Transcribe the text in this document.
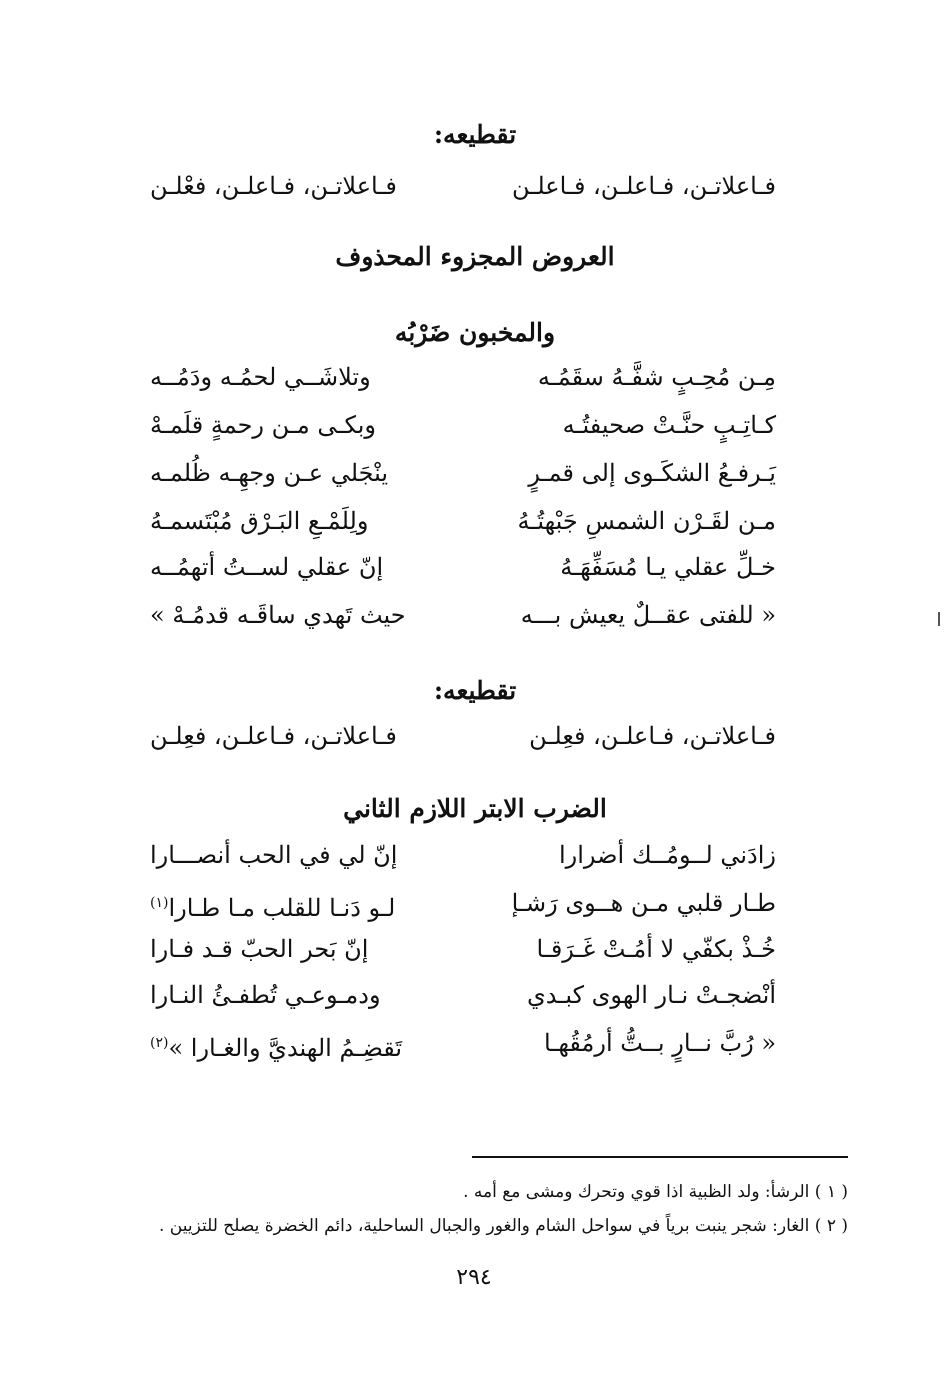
تقطيعه:
فـاعلاتـن، فـاعلـن، فـاعلـن
فـاعلاتـن، فـاعلـن، فعْلـن
العروض المجزوء المحذوف
والمخبون ضَرْبُه
مِـن مُحِـبٍ شفَّـهُ سقَمُـه
وتلاشَــي لحمُـه ودَمُــه
كـاتِـبٍ حنَّـتْ صحيفتُـه
وبكـى مـن رحمةٍ قلَمـهْ
يَـرفـعُ الشكَـوى إلى قمـرٍ
ينْجَلي عـن وجهِـه ظُلمـه
مـن لقَـرْن الشمسِ جَبْهتُـهُ
ولِلَمْـعِ البَـرْق مُبْتَسمـهُ
خـلِّ عقلي يـا مُسَفِّهَـهُ
إنّ عقلي لســتُ أتهمُــه
« للفتى عقــلٌ يعيش بـــه
حيث تَهدي ساقَـه قدمُـهْ »
تقطيعه:
فـاعلاتـن، فـاعلـن، فعِلـن
فـاعلاتـن، فـاعلـن، فعِلـن
الضرب الابتر اللازم الثاني
زادَني لــومُــك أضرارا
إنّ لي في الحب أنصـــارا
طـار قلبي مـن هــوى رَشـإ
لـو دَنـا للقلب مـا طـارا$^{(١)}$
خُـذْ بكفّي لا أمُـتْ غَـرَقـا
إنّ بَحر الحبّ قـد فـارا
أنْضجـتْ نـار الهوى كبـدي
ودمـوعـي تُطفـئُ النـارا
« رُبَّ نــارٍ بــتُّ أرمُقُهـا
تَقضِـمُ الهنديَّ والغـارا »$^{(٢)}$
( ١ ) الرشأ: ولد الظبية اذا قوي وتحرك ومشى مع أمه .
( ٢ ) الغار: شجر ينبت برياً في سواحل الشام والغور والجبال الساحلية، دائم الخضرة يصلح للتزيين .
٢٩٤
